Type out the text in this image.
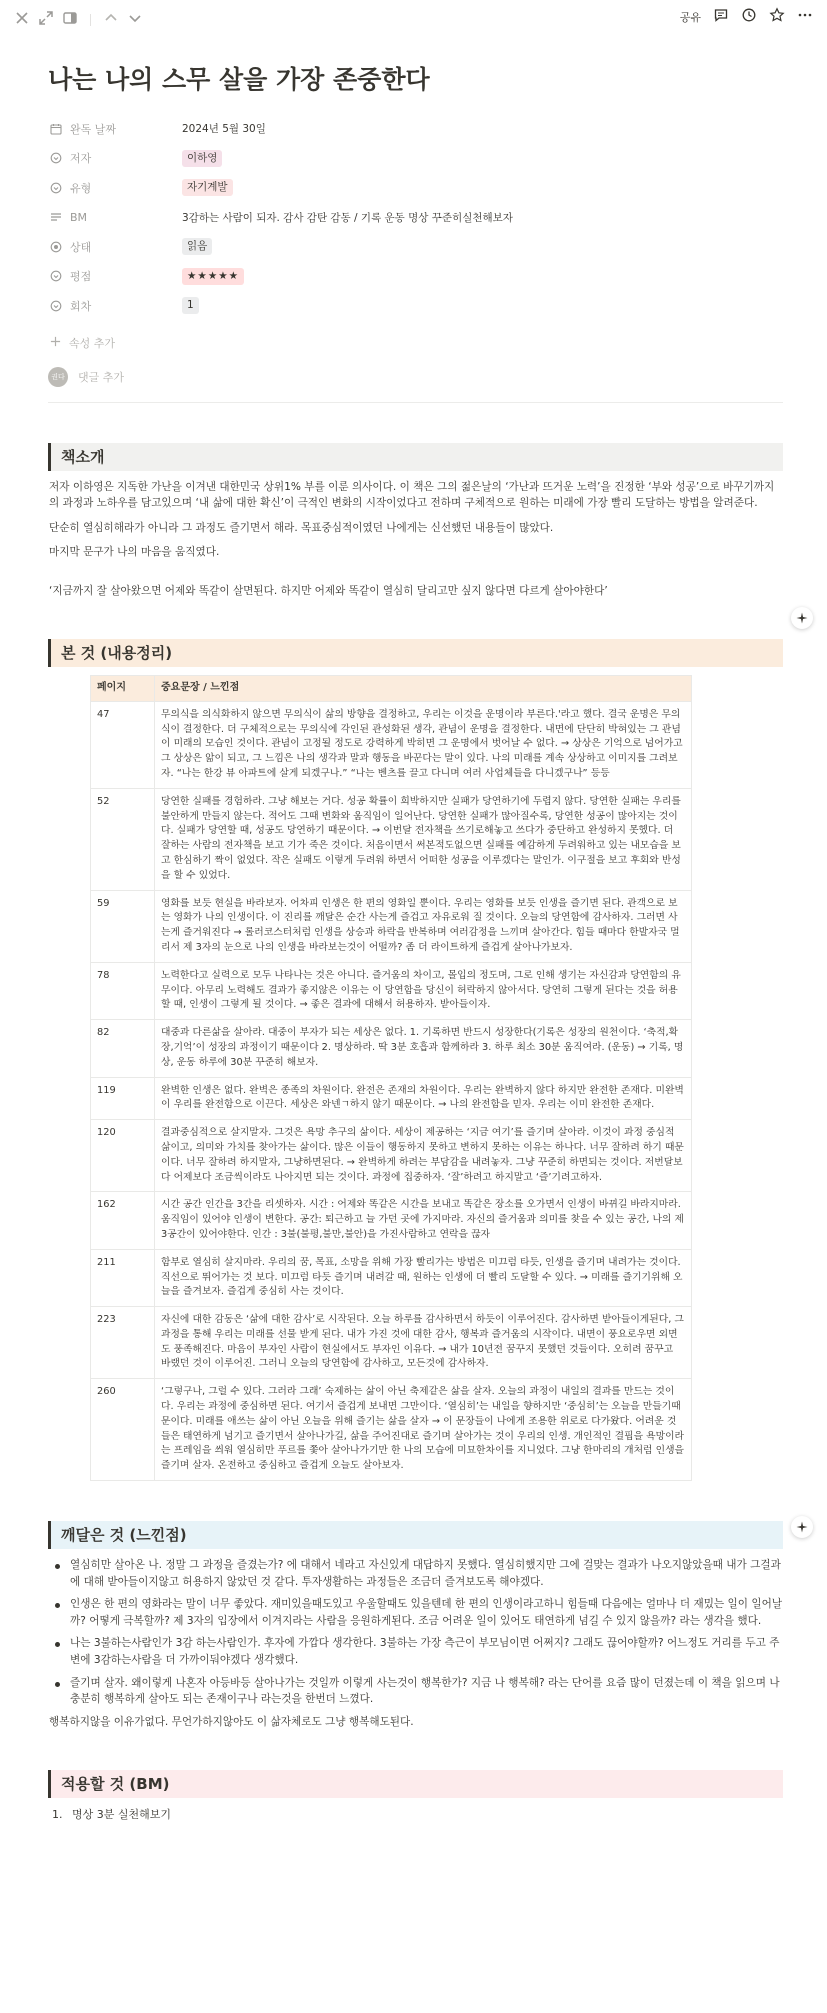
공유
나는 나의 스무 살을 가장 존중한다
완독 날짜	2024년 5월 30일
저자	이하영
유형	자기계발
BM	3감하는 사람이 되자. 감사 감탄 감동 / 기록 운동 명상 꾸준히실천해보자
상태	읽음
평점	★★★★★
회차	1
속성 추가
권다 댓글 추가
책소개

저자 이하영은 지독한 가난을 이겨낸 대한민국 상위1% 부를 이룬 의사이다. 이 책은 그의 젊은날의 ‘가난과 뜨거운 노력’을 진정한 ‘부와 성공’으로 바꾸기까지의 과정과 노하우를 담고있으며 ‘내 삶에 대한 확신’이 극적인 변화의 시작이었다고 전하며 구체적으로 원하는 미래에 가장 빨리 도달하는 방법을 알려준다.

단순히 열심히해라가 아니라 그 과정도 즐기면서 해라. 목표중심적이였던 나에게는 신선했던 내용들이 많았다.

마지막 문구가 나의 마음을 움직였다.

‘지금까지 잘 살아왔으면 어제와 똑같이 살면된다. 하지만 어제와 똑같이 열심히 달리고만 싶지 않다면 다르게 살아야한다’

본 것 (내용정리)
페이지	중요문장 / 느낀점
47	무의식을 의식화하지 않으면 무의식이 삶의 방향을 결정하고, 우리는 이것을 운명이라 부른다.'라고 했다. 결국 운명은 무의식이 결정한다. 더 구체적으로는 무의식에 각인된 관성화된 생각, 관념이 운명을 결정한다. 내면에 단단히 박혀있는 그 관념이 미래의 모습인 것이다. 관념이 고정될 정도로 강력하게 박히면 그 운명에서 벗어날 수 없다. → 상상은 기억으로 넘어가고 그 상상은 앎이 되고, 그 느낌은 나의 생각과 말과 행동을 바꾼다는 말이 있다. 나의 미래를 계속 상상하고 이미지를 그려보자. “나는 한강 뷰 아파트에 살게 되겠구나.” “나는 벤츠를 끌고 다니며 여러 사업체들을 다니겠구나” 등등
52	당연한 실패를 경험하라. 그냥 해보는 거다. 성공 확률이 희박하지만 실패가 당연하기에 두렵지 않다. 당연한 실패는 우리를 불안하게 만들지 않는다. 적어도 그때 변화와 움직임이 일어난다. 당연한 실패가 많아질수록, 당연한 성공이 많아지는 것이다. 실패가 당연할 때, 성공도 당연하기 때문이다. → 이번달 전자책을 쓰기로해놓고 쓰다가 중단하고 완성하지 못헸다. 더 잘하는 사람의 전자책을 보고 기가 죽은 것이다. 처음이면서 써본적도없으면 실패를 예감하게 두려워하고 있는 내모습을 보고 한심하기 짝이 없었다. 작은 실패도 이렇게 두려워 하면서 어떠한 성공을 이루겠다는 말인가. 이구절을 보고 후회와 반성을 할 수 있었다.
59	영화를 보듯 현실을 바라보자. 어차피 인생은 한 편의 영화일 뿐이다. 우리는 영화를 보듯 인생을 즐기면 된다. 관객으로 보는 영화가 나의 인생이다. 이 진리를 깨달은 순간 사는게 즐겁고 자유로워 질 것이다. 오늘의 당연함에 감사하자. 그러면 사는게 즐거워진다 → 롤러코스터처럼 인생을 상승과 하락을 반복하며 여러감정을 느끼며 살아간다. 힘들 때마다 한발자국 멀리서 제 3자의 눈으로 나의 인생을 바라보는것이 어떨까? 좀 더 라이트하게 즐겁게 살아나가보자.
78	노력한다고 실력으로 모두 나타나는 것은 아니다. 즐거움의 차이고, 몰입의 정도며, 그로 인해 생기는 자신감과 당연함의 유무이다. 아무리 노력해도 결과가 좋지않은 이유는 이 당연함을 당신이 허락하지 않아서다. 당연히 그렇게 된다는 것을 허용할 때, 인생이 그렇게 될 것이다. → 좋은 결과에 대해서 허용하자. 받아들이자.
82	대중과 다른삶을 살아라. 대중이 부자가 되는 세상은 없다. 1. 기록하면 반드시 성장한다(기록은 성장의 원천이다. ‘축적,확장,기억’이 성장의 과정이기 때문이다 2. 명상하라. 딱 3분 호흡과 함께하라 3. 하루 최소 30분 움직여라. (운동) → 기록, 명상, 운동 하루에 30분 꾸준히 해보자.
119	완벽한 인생은 없다. 완벽은 종족의 차원이다. 완전은 존재의 차원이다. 우리는 완벽하지 않다 하지만 완전한 존재다. 미완벽이 우리를 완전함으로 이끈다. 세상은 와넨ㄱ하지 않기 때문이다. → 나의 완전함을 믿자. 우리는 이미 완전한 존재다.
120	결과중심적으로 살지말자. 그것은 욕망 추구의 삶이다. 세상이 제공하는 ‘지금 여기’를 즐기며 살아라. 이것이 과정 중심적 삶이고, 의미와 가치를 찾아가는 삶이다. 많은 이들이 행동하지 못하고 변하지 못하는 이유는 하나다. 너무 잘하려 하기 때문이다. 너무 잘하려 하지말자, 그냥하면된다. → 완벽하게 하려는 부담감을 내려놓자. 그냥 꾸준히 하면되는 것이다. 저번달보다 어제보다 조금씩이라도 나아지면 되는 것이다. 과정에 집중하자. ‘잘’하려고 하지말고 ‘즐’기려고하자.
162	시간 공간 인간을 3간을 리셋하자. 시간 : 어제와 똑같은 시간을 보내고 똑같은 장소를 오가면서 인생이 바뀌길 바라지마라. 움직임이 있어야 인생이 변한다. 공간: 퇴근하고 늘 가던 곳에 가지마라. 자신의 즐거움과 의미를 찾을 수 있는 공간, 나의 제3공간이 있어야한다. 인간 : 3불(불평,불만,불안)을 가진사람하고 연락을 끊자
211	함부로 열심히 살지마라. 우리의 꿈, 목표, 소망을 위해 가장 빨리가는 방법은 미끄럼 타듯, 인생을 즐기며 내려가는 것이다. 직선으로 뛰어가는 것 보다. 미끄럼 타듯 즐기며 내려갈 때, 원하는 인생에 더 빨리 도달할 수 있다. → 미래를 즐기기위해 오늘을 즐겨보자. 즐겁게 중심히 사는 것이다.
223	자신에 대한 감동은 ‘삶에 대한 감사’로 시작된다. 오늘 하루를 감사하면서 하듯이 이루어진다. 감사하면 받아들이게된다, 그 과정을 통해 우리는 미래를 선물 받게 된다. 내가 가진 것에 대한 감사, 행복과 즐거움의 시작이다. 내면이 풍요로우면 외면도 풍족해진다. 마음이 부자인 사람이 현실에서도 부자인 이유다. → 내가 10년전 꿈꾸지 못했던 것들이다. 오히려 꿈꾸고 바랬던 것이 이루어진. 그러니 오늘의 당연함에 감사하고, 모든것에 감사하자.
260	‘그렇구나, 그럴 수 있다. 그러라 그래’ 숙제하는 삶이 아닌 축제같은 삶을 살자. 오늘의 과정이 내일의 결과를 만드는 것이다. 우리는 과정에 중심하면 된다. 여기서 즐겁게 보내면 그만이다. ‘열심히’는 내일을 향하지만 ‘중심히’는 오늘을 만들기때문이다. 미래를 애쓰는 삶이 아닌 오늘을 위해 즐기는 삶을 살자 → 이 문장들이 나에게 조용한 위로로 다가왔다. 어려운 것들은 태연하게 넘기고 즐기면서 살아나가길, 삶을 주어진대로 즐기며 살아가는 것이 우리의 인생. 개인적인 결핍을 욕망이라는 프레임을 씌워 열심히만 푸르를 쫓아 살아나가기만 한 나의 모습에 미묘한차이를 지니었다. 그냥 한마리의 개처럼 인생을 즐기며 살자. 온전하고 중심하고 즐겁게 오늘도 살아보자.
깨달은 것 (느낀점)
열심히만 살아온 나. 정말 그 과정을 즐겼는가? 에 대해서 네라고 자신있게 대답하지 못했다. 열심히했지만 그에 걸맞는 결과가 나오지않았을때 내가 그걸과에 대해 받아들이지않고 허용하지 않았던 것 같다. 투자생활하는 과정들은 조금더 즐겨보도록 해야겠다.
인생은 한 편의 영화라는 말이 너무 좋았다. 재미있을때도있고 우울할때도 있을텐데 한 편의 인생이라고하니 힘들때 다음에는 얼마나 더 재밌는 일이 일어날까? 어떻게 극복할까? 제 3자의 입장에서 이겨지라는 사람을 응원하게된다. 조금 어려운 일이 있어도 태연하게 넘길 수 있지 않을까? 라는 생각을 했다.
나는 3불하는사람인가 3감 하는사람인가. 후자에 가깝다 생각한다. 3불하는 가장 측근이 부모님이면 어쩌지? 그래도 끊어야할까? 어느정도 거리를 두고 주변에 3감하는사람을 더 가까이둬야겠다 생각했다.
즐기며 살자. 왜이렇게 나혼자 아등바등 살아나가는 것일까 이렇게 사는것이 행복한가? 지금 나 행복해? 라는 단어를 요즘 많이 던졌는데 이 책을 읽으며 나 충분히 행복하게 살아도 되는 존재이구나 라는것을 한번더 느꼈다.

행복하지않을 이유가없다. 무언가하지않아도 이 삶자체로도 그냥 행복해도된다.

적용할 것 (BM)
1. 명상 3분 실천해보기
